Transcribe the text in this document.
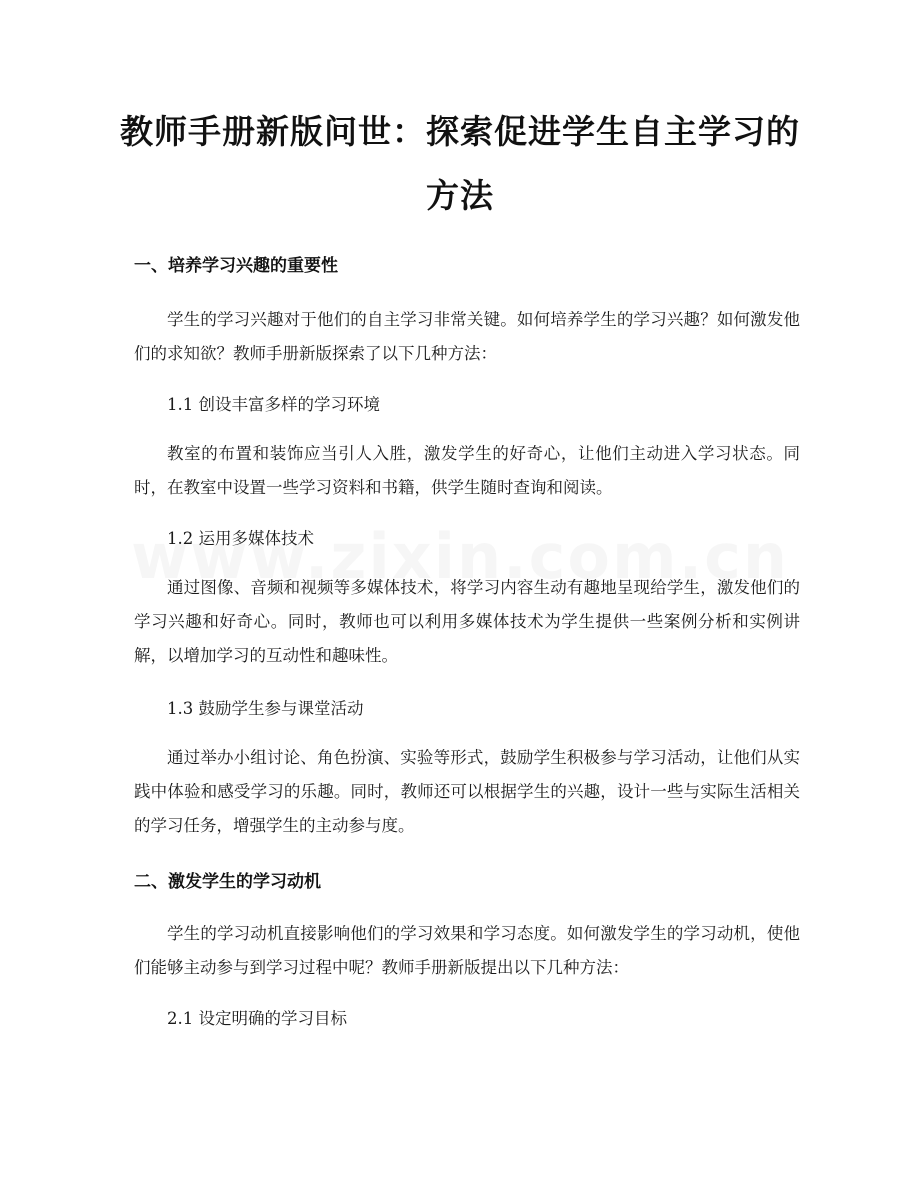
教师手册新版问世：探索促进学生自主学习的方法
一、培养学习兴趣的重要性

学生的学习兴趣对于他们的自主学习非常关键。如何培养学生的学习兴趣？如何激发他们的求知欲？教师手册新版探索了以下几种方法：

1.1 创设丰富多样的学习环境

教室的布置和装饰应当引人入胜，激发学生的好奇心，让他们主动进入学习状态。同时，在教室中设置一些学习资料和书籍，供学生随时查询和阅读。

1.2 运用多媒体技术

通过图像、音频和视频等多媒体技术，将学习内容生动有趣地呈现给学生，激发他们的学习兴趣和好奇心。同时，教师也可以利用多媒体技术为学生提供一些案例分析和实例讲解，以增加学习的互动性和趣味性。

1.3 鼓励学生参与课堂活动

通过举办小组讨论、角色扮演、实验等形式，鼓励学生积极参与学习活动，让他们从实践中体验和感受学习的乐趣。同时，教师还可以根据学生的兴趣，设计一些与实际生活相关的学习任务，增强学生的主动参与度。

二、激发学生的学习动机

学生的学习动机直接影响他们的学习效果和学习态度。如何激发学生的学习动机，使他们能够主动参与到学习过程中呢？教师手册新版提出以下几种方法：

2.1 设定明确的学习目标
